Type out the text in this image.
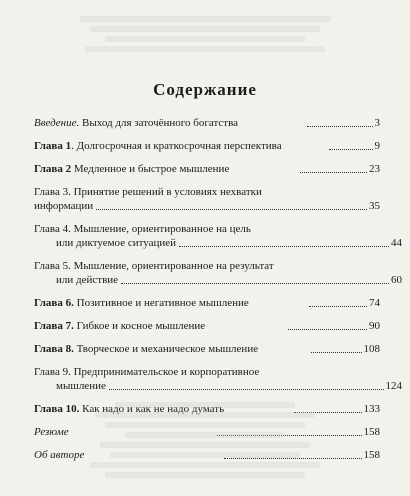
Содержание
Введение. Выход для заточённого богатства	3
Глава 1. Долгосрочная и краткосрочная перспектива	9
Глава 2 Медленное и быстрое мышление	23
Глава 3. Принятие решений в условиях нехватки
информации	35
Глава 4. Мышление, ориентированное на цель
или диктуемое ситуацией	44
Глава 5. Мышление, ориентированное на результат
или действие	60
Глава 6. Позитивное и негативное мышление	74
Глава 7. Гибкое и косное мышление	90
Глава 8. Творческое и механическое мышление	108
Глава 9. Предпринимательское и корпоративное
мышление	124
Глава 10. Как надо и как не надо думать	133
Резюме	158
Об авторе	158
